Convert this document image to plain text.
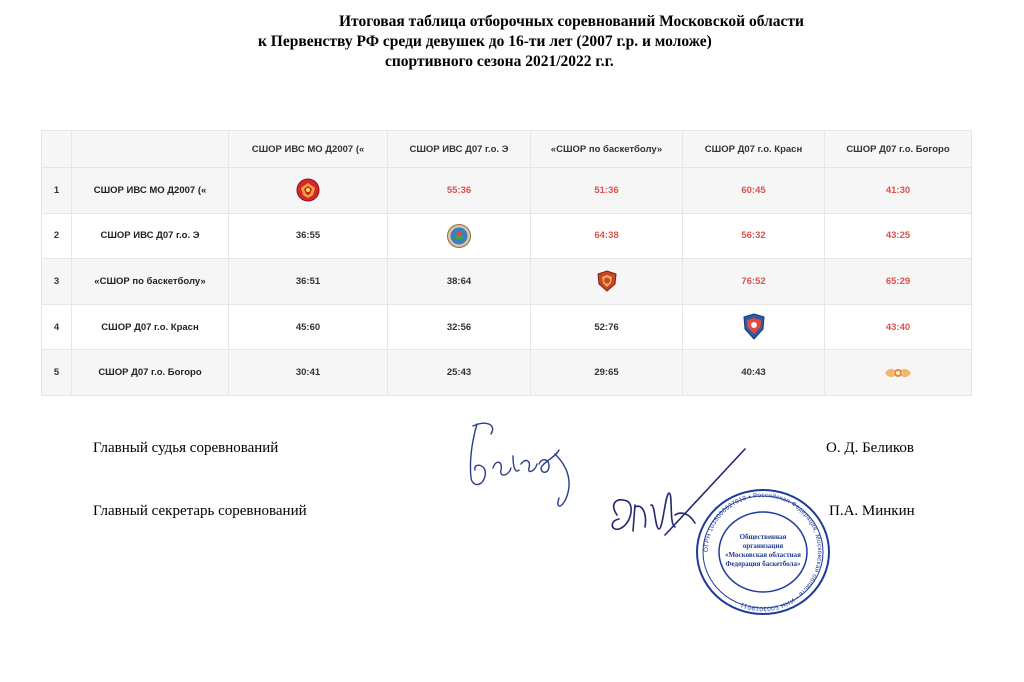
Итоговая таблица отборочных соревнований Московской области
к Первенству РФ среди девушек до 16-ти лет (2007 г.р. и моложе)
спортивного сезона 2021/2022 г.г.
		СШОР ИВС МО Д2007 («	СШОР ИВС Д07 г.о. Э	«СШОР по баскетболу»	СШОР Д07 г.о. Красн	СШОР Д07 г.о. Богоро
1	СШОР ИВС МО Д2007 («		55:36	51:36	60:45	41:30
2	СШОР ИВС Д07 г.о. Э	36:55		64:38	56:32	43:25
3	«СШОР по баскетболу»	36:51	38:64		76:52	65:29
4	СШОР Д07 г.о. Красн	45:60	32:56	52:76		43:40
5	СШОР Д07 г.о. Богоро	30:41	25:43	29:65	40:43	
Главный судья соревнований	О. Д. Беликов
Главный секретарь соревнований	П.А. Минкин
ОГРН 1035000027019 • Российская Федерация, Московская область • ИНН 5003019011
Общественная
организация
«Московская областная
Федерация баскетбола»
